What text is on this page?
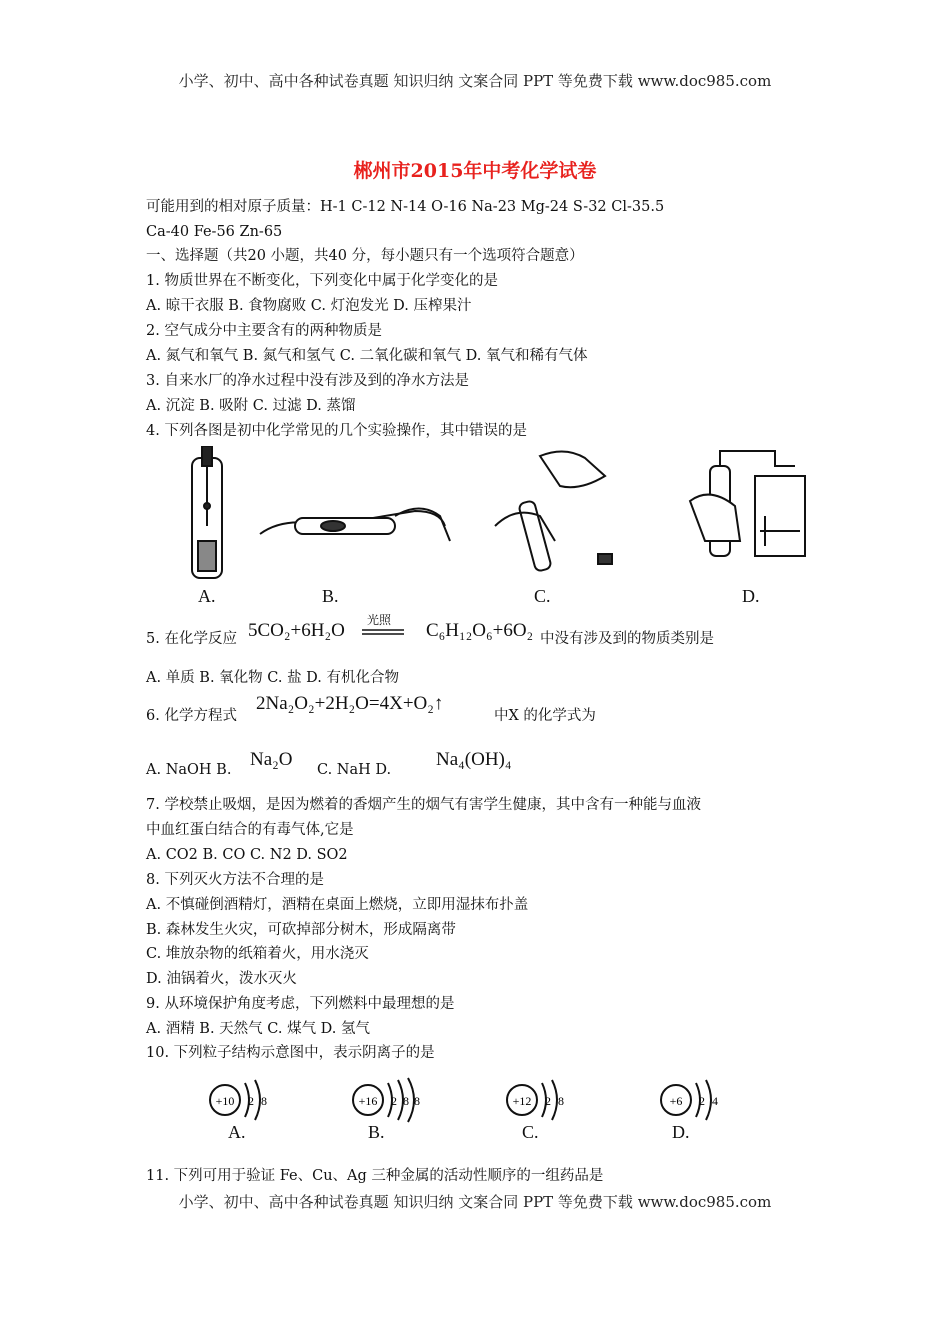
小学、初中、高中各种试卷真题 知识归纳 文案合同 PPT 等免费下载 www.doc985.com
郴州市2015年中考化学试卷
可能用到的相对原子质量：H-1 C-12 N-14 O-16 Na-23 Mg-24 S-32 Cl-35.5
Ca-40 Fe-56 Zn-65
一、选择题（共20 小题，共40 分，每小题只有一个选项符合题意）
1. 物质世界在不断变化，下列变化中属于化学变化的是
A. 晾干衣服 B. 食物腐败 C. 灯泡发光 D. 压榨果汁
2. 空气成分中主要含有的两种物质是
A. 氮气和氧气 B. 氮气和氢气 C. 二氧化碳和氧气 D. 氧气和稀有气体
3. 自来水厂的净水过程中没有涉及到的净水方法是
A. 沉淀 B. 吸附 C. 过滤 D. 蒸馏
4. 下列各图是初中化学常见的几个实验操作，其中错误的是
A.	B.	C.	D.
5. 在化学反应 5CO₂+6H₂O 光照 C₆H₁₂O₆+6O₂ 中没有涉及到的物质类别是
A. 单质 B. 氧化物 C. 盐 D. 有机化合物
6. 化学方程式
2Na₂O₂+2H₂O=4X+O₂↑
中X 的化学式为
A. NaOH B. Na₂O C. NaH D. Na₄(OH)₄
7. 学校禁止吸烟，是因为燃着的香烟产生的烟气有害学生健康，其中含有一种能与血液
中血红蛋白结合的有毒气体,它是
A. CO2 B. CO C. N2 D. SO2
8. 下列灭火方法不合理的是
A. 不慎碰倒酒精灯，酒精在桌面上燃烧，立即用湿抹布扑盖
B. 森林发生火灾，可砍掉部分树木，形成隔离带
C. 堆放杂物的纸箱着火，用水浇灭
D. 油锅着火，泼水灭火
9. 从环境保护角度考虑，下列燃料中最理想的是
A. 酒精 B. 天然气 C. 煤气 D. 氢气
10. 下列粒子结构示意图中，表示阴离子的是
+10 2 8	+16 2 8 8	+12 2 8	+6 2 4
A.	B.	C.	D.
11. 下列可用于验证 Fe、Cu、Ag 三种金属的活动性顺序的一组药品是
小学、初中、高中各种试卷真题 知识归纳 文案合同 PPT 等免费下载 www.doc985.com
